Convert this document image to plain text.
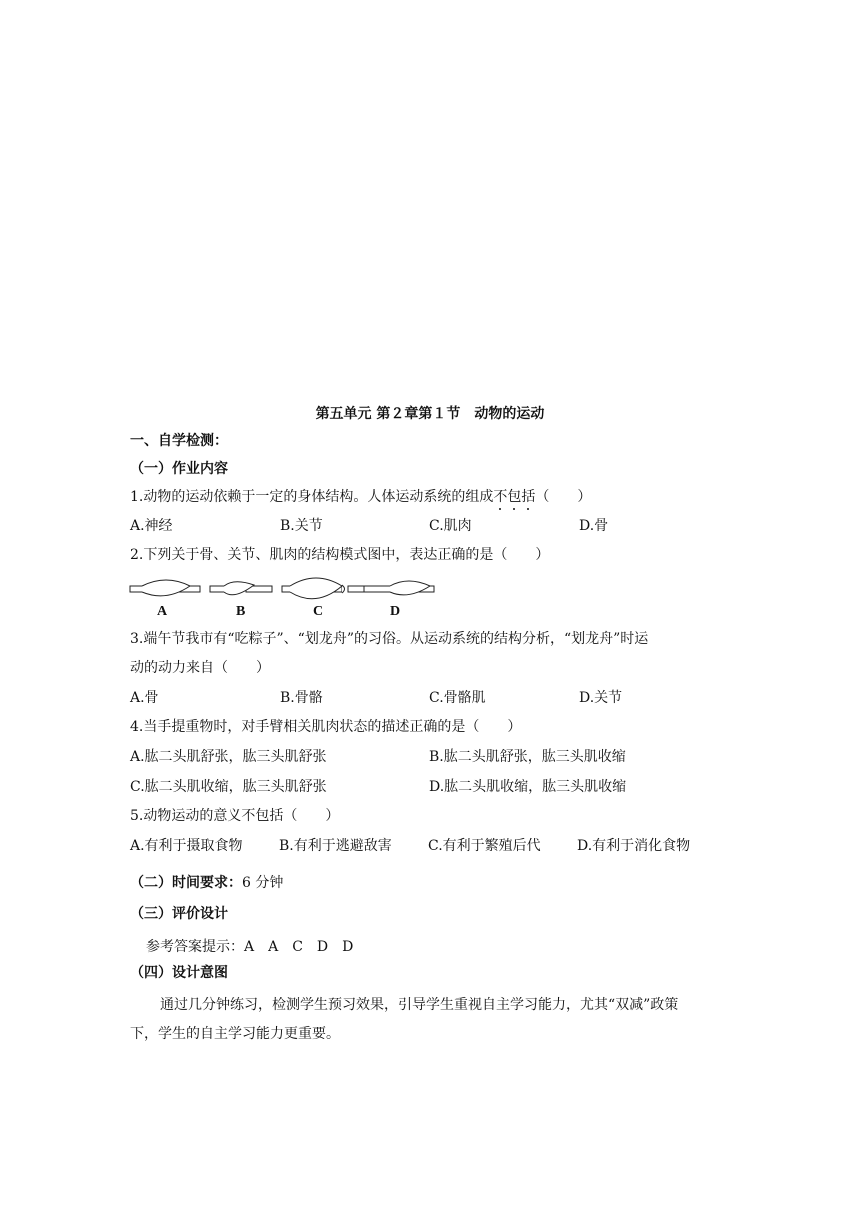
第五单元 第２章第１节　动物的运动
一、自学检测：
（一）作业内容
1.动物的运动依赖于一定的身体结构。人体运动系统的组成不包括（　　）
A.神经	B.关节	C.肌肉	D.骨
2.下列关于骨、关节、肌肉的结构模式图中，表达正确的是（　　）
A	B	C	D
3.端午节我市有“吃粽子”、“划龙舟”的习俗。从运动系统的结构分析，“划龙舟”时运
动的动力来自（　　）
A.骨	B.骨骼	C.骨骼肌	D.关节
4.当手提重物时，对手臂相关肌肉状态的描述正确的是（　　）
A.肱二头肌舒张，肱三头肌舒张	B.肱二头肌舒张，肱三头肌收缩
C.肱二头肌收缩，肱三头肌舒张	D.肱二头肌收缩，肱三头肌收缩
5.动物运动的意义不包括（　　）
A.有利于摄取食物	B.有利于逃避敌害	C.有利于繁殖后代	D.有利于消化食物
（二）时间要求：6 分钟
（三）评价设计
参考答案提示：A　A　C　D　D
（四）设计意图
通过几分钟练习，检测学生预习效果，引导学生重视自主学习能力，尤其“双减”政策
下，学生的自主学习能力更重要。
